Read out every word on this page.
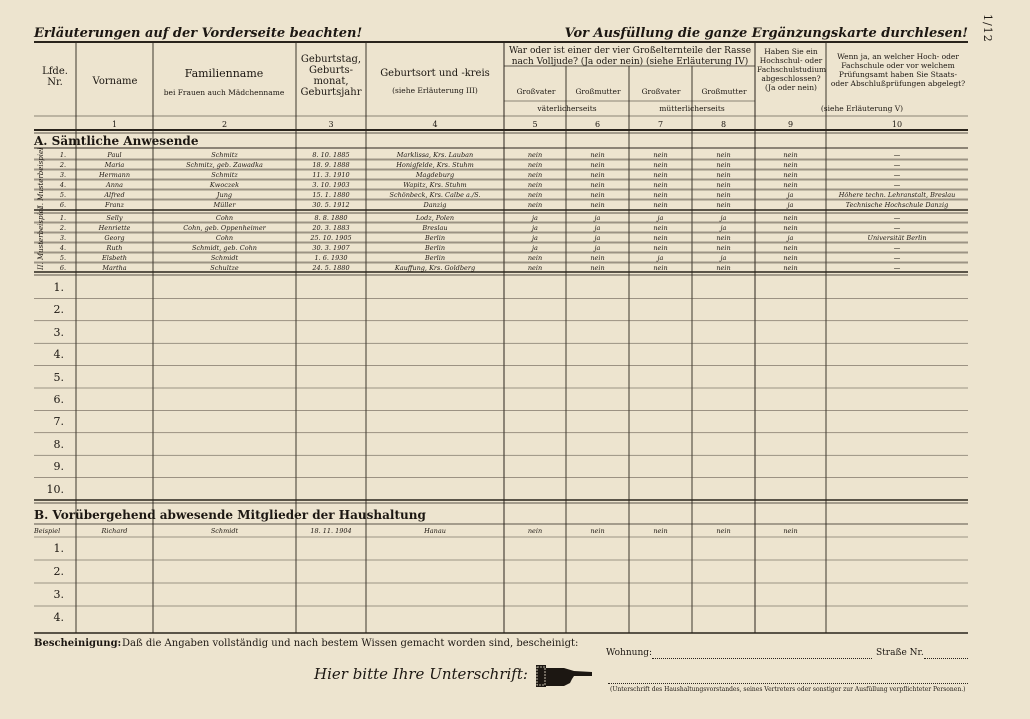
Erläuterungen auf der Vorderseite beachten!	Vor Ausfüllung die ganze Ergänzungskarte durchlesen! 1/12
Lfde.
Nr.	Vorname
Familienname
bei Frauen auch Mädchenname
Geburtstag,
Geburts-
monat,
Geburtsjahr
Geburtsort und -kreis
(siehe Erläuterung III)
War oder ist einer der vier Großelternteile der Rasse
nach Volljude? (Ja oder nein) (siehe Erläuterung IV)
Großvater	Großmutter	Großvater	Großmutter
väterlicherseits	mütterlicherseits
Haben Sie ein
Hochschul- oder
Fachschulstudium
abgeschlossen?
(Ja oder nein)
Wenn ja, an welcher Hoch- oder
Fachschule oder vor welchem
Prüfungsamt haben Sie Staats-
oder Abschlußprüfungen abgelegt?
(siehe Erläuterung V)
1	2	3	4	5	6	7	8	9	10
A. Sämtliche Anwesende
I. Musterbeispiel
II. Musterbeispiel
1.	Paul	Schmitz	8. 10. 1885	Marklissa, Krs. Lauban	nein	nein	nein	nein	nein	—
2.	Maria	Schmitz, geb. Zawadka	18. 9. 1888	Honigfelde, Krs. Stuhm	nein	nein	nein	nein	nein	—
3.	Hermann	Schmitz	11. 3. 1910	Magdeburg	nein	nein	nein	nein	nein	—
4.	Anna	Kwoczek	3. 10. 1903	Wapitz, Krs. Stuhm	nein	nein	nein	nein	nein	—
5.	Alfred	Jung	15. 1. 1880	Schönbeck, Krs. Calbe a./S.	nein	nein	nein	nein	ja	Höhere techn. Lehranstalt, Breslau
6.	Franz	Müller	30. 5. 1912	Danzig	nein	nein	nein	nein	ja	Technische Hochschule Danzig
1.	Selly	Cohn	8. 8. 1880	Lodz, Polen	ja	ja	ja	ja	nein	—
2.	Henriette	Cohn, geb. Oppenheimer	20. 3. 1883	Breslau	ja	ja	nein	ja	nein	—
3.	Georg	Cohn	25. 10. 1905	Berlin	ja	ja	nein	nein	ja	Universität Berlin
4.	Ruth	Schmidt, geb. Cohn	30. 3. 1907	Berlin	ja	ja	nein	nein	nein	—
5.	Elsbeth	Schmidt	1. 6. 1930	Berlin	nein	nein	ja	ja	nein	—
6.	Martha	Schultze	24. 5. 1880	Kauffung, Krs. Goldberg	nein	nein	nein	nein	nein	—
1.
2.
3.
4.
5.
6.
7.
8.
9.
10.
B. Vorübergehend abwesende Mitglieder der Haushaltung
Beispiel	Richard	Schmidt	18. 11. 1904	Hanau	nein	nein	nein	nein	nein
1.
2.
3.
4.
Bescheinigung: Daß die Angaben vollständig und nach bestem Wissen gemacht worden sind, bescheinigt:
Wohnung:	Straße Nr.
Hier bitte Ihre Unterschrift:
(Unterschrift des Haushaltungsvorstandes, seines Vertreters oder sonstiger zur Ausfüllung verpflichteter Personen.)
